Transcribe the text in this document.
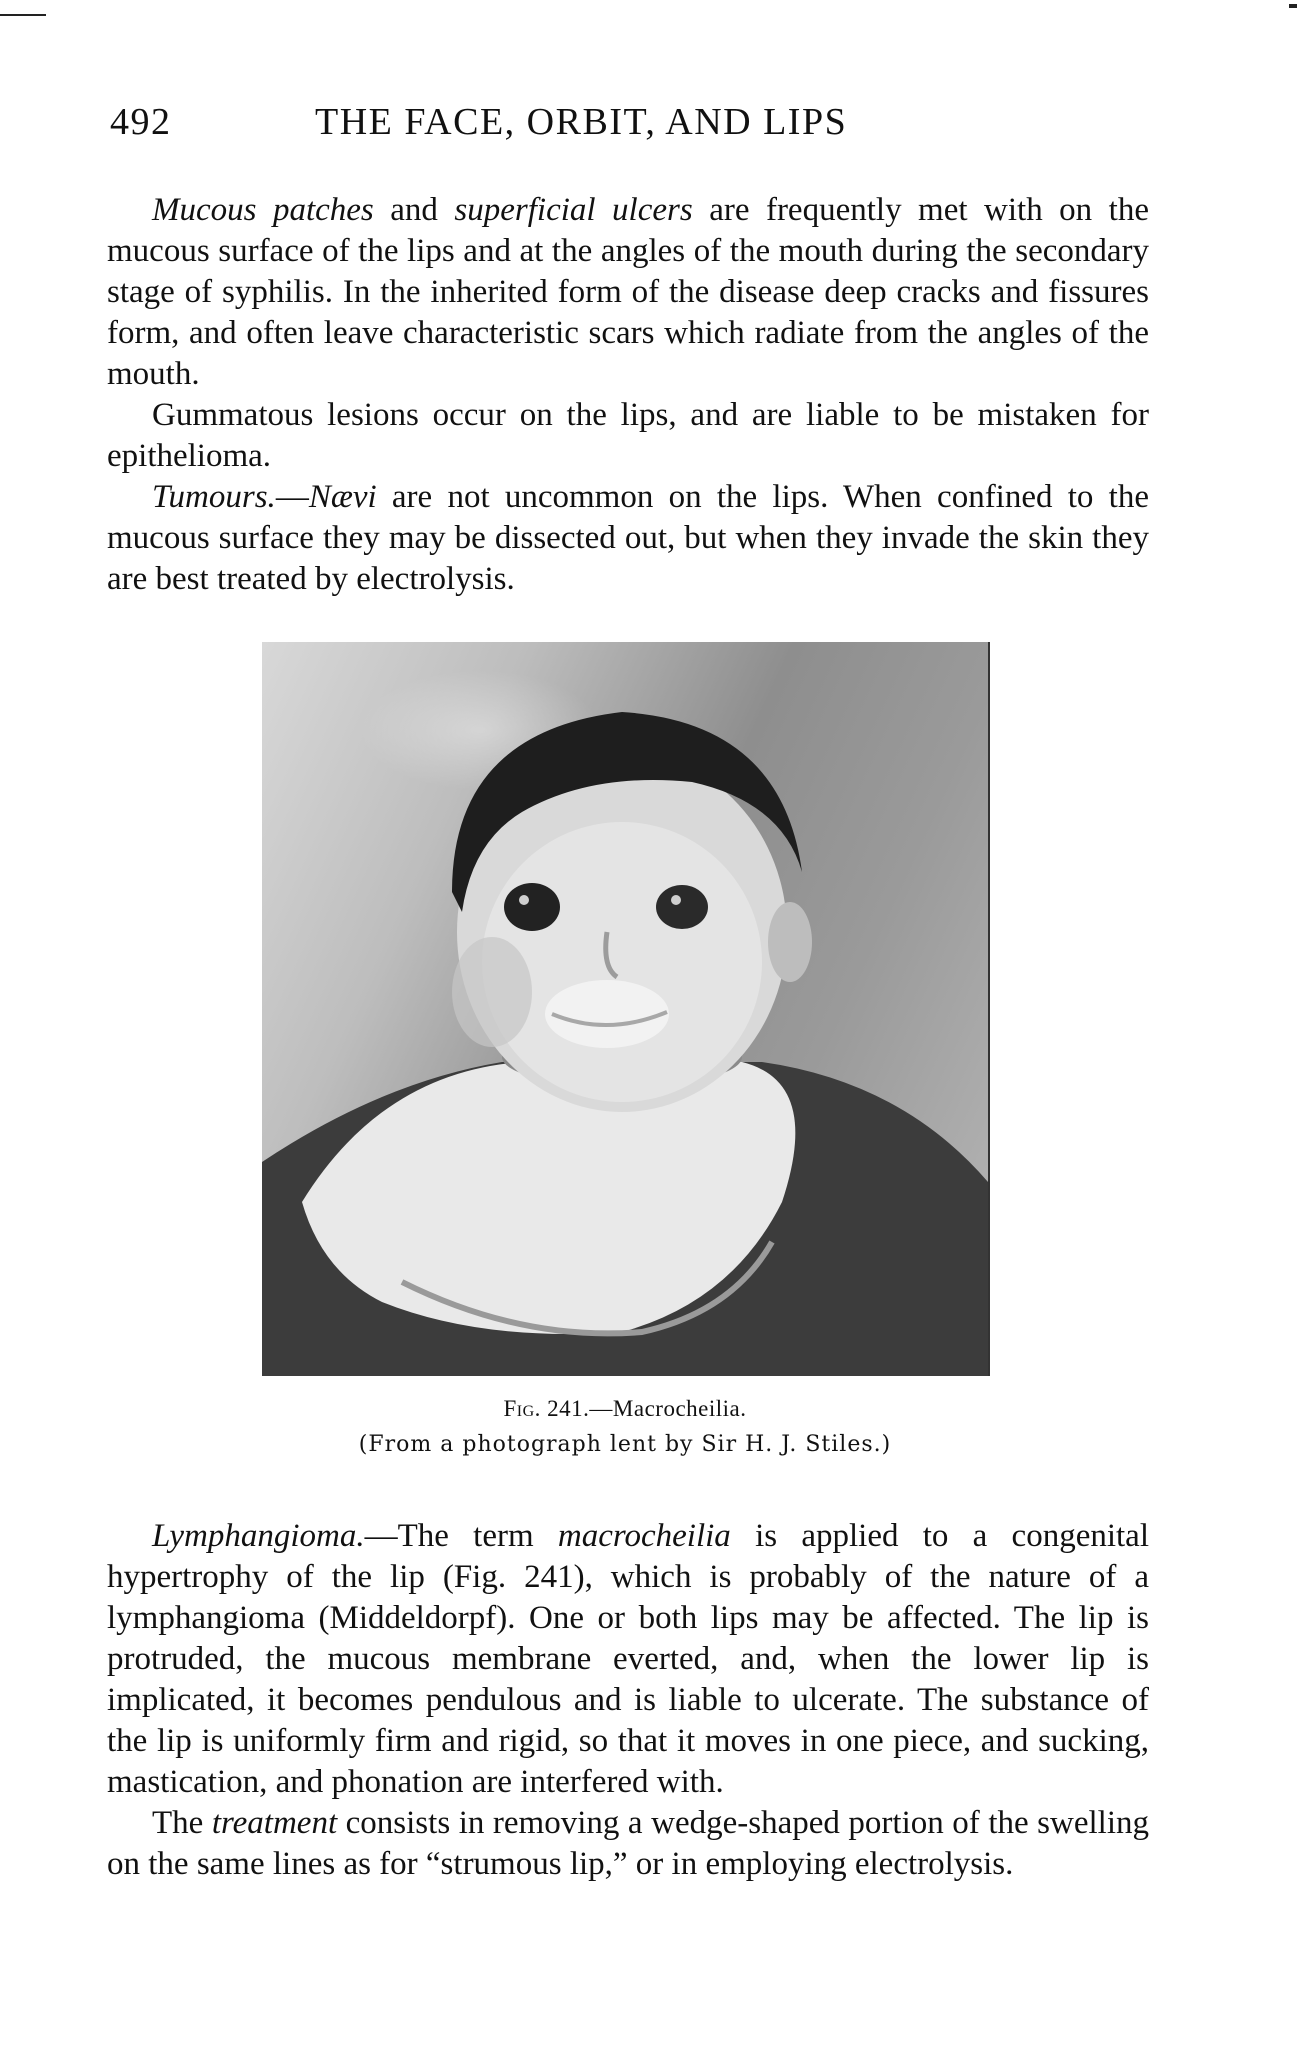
492	THE FACE, ORBIT, AND LIPS

Mucous patches and superficial ulcers are frequently met with on the mucous surface of the lips and at the angles of the mouth during the secondary stage of syphilis. In the inherited form of the disease deep cracks and fissures form, and often leave characteristic scars which radiate from the angles of the mouth.

Gummatous lesions occur on the lips, and are liable to be mistaken for epithelioma.

Tumours.—Nævi are not uncommon on the lips. When confined to the mucous surface they may be dissected out, but when they invade the skin they are best treated by electrolysis.

Fig. 241.—Macrocheilia.
(From a photograph lent by Sir H. J. Stiles.)

Lymphangioma.—The term macrocheilia is applied to a congenital hypertrophy of the lip (Fig. 241), which is probably of the nature of a lymphangioma (Middeldorpf). One or both lips may be affected. The lip is protruded, the mucous membrane everted, and, when the lower lip is implicated, it becomes pendulous and is liable to ulcerate. The substance of the lip is uniformly firm and rigid, so that it moves in one piece, and sucking, mastication, and phonation are interfered with.

The treatment consists in removing a wedge-shaped portion of the swelling on the same lines as for “strumous lip,” or in employing electrolysis.
